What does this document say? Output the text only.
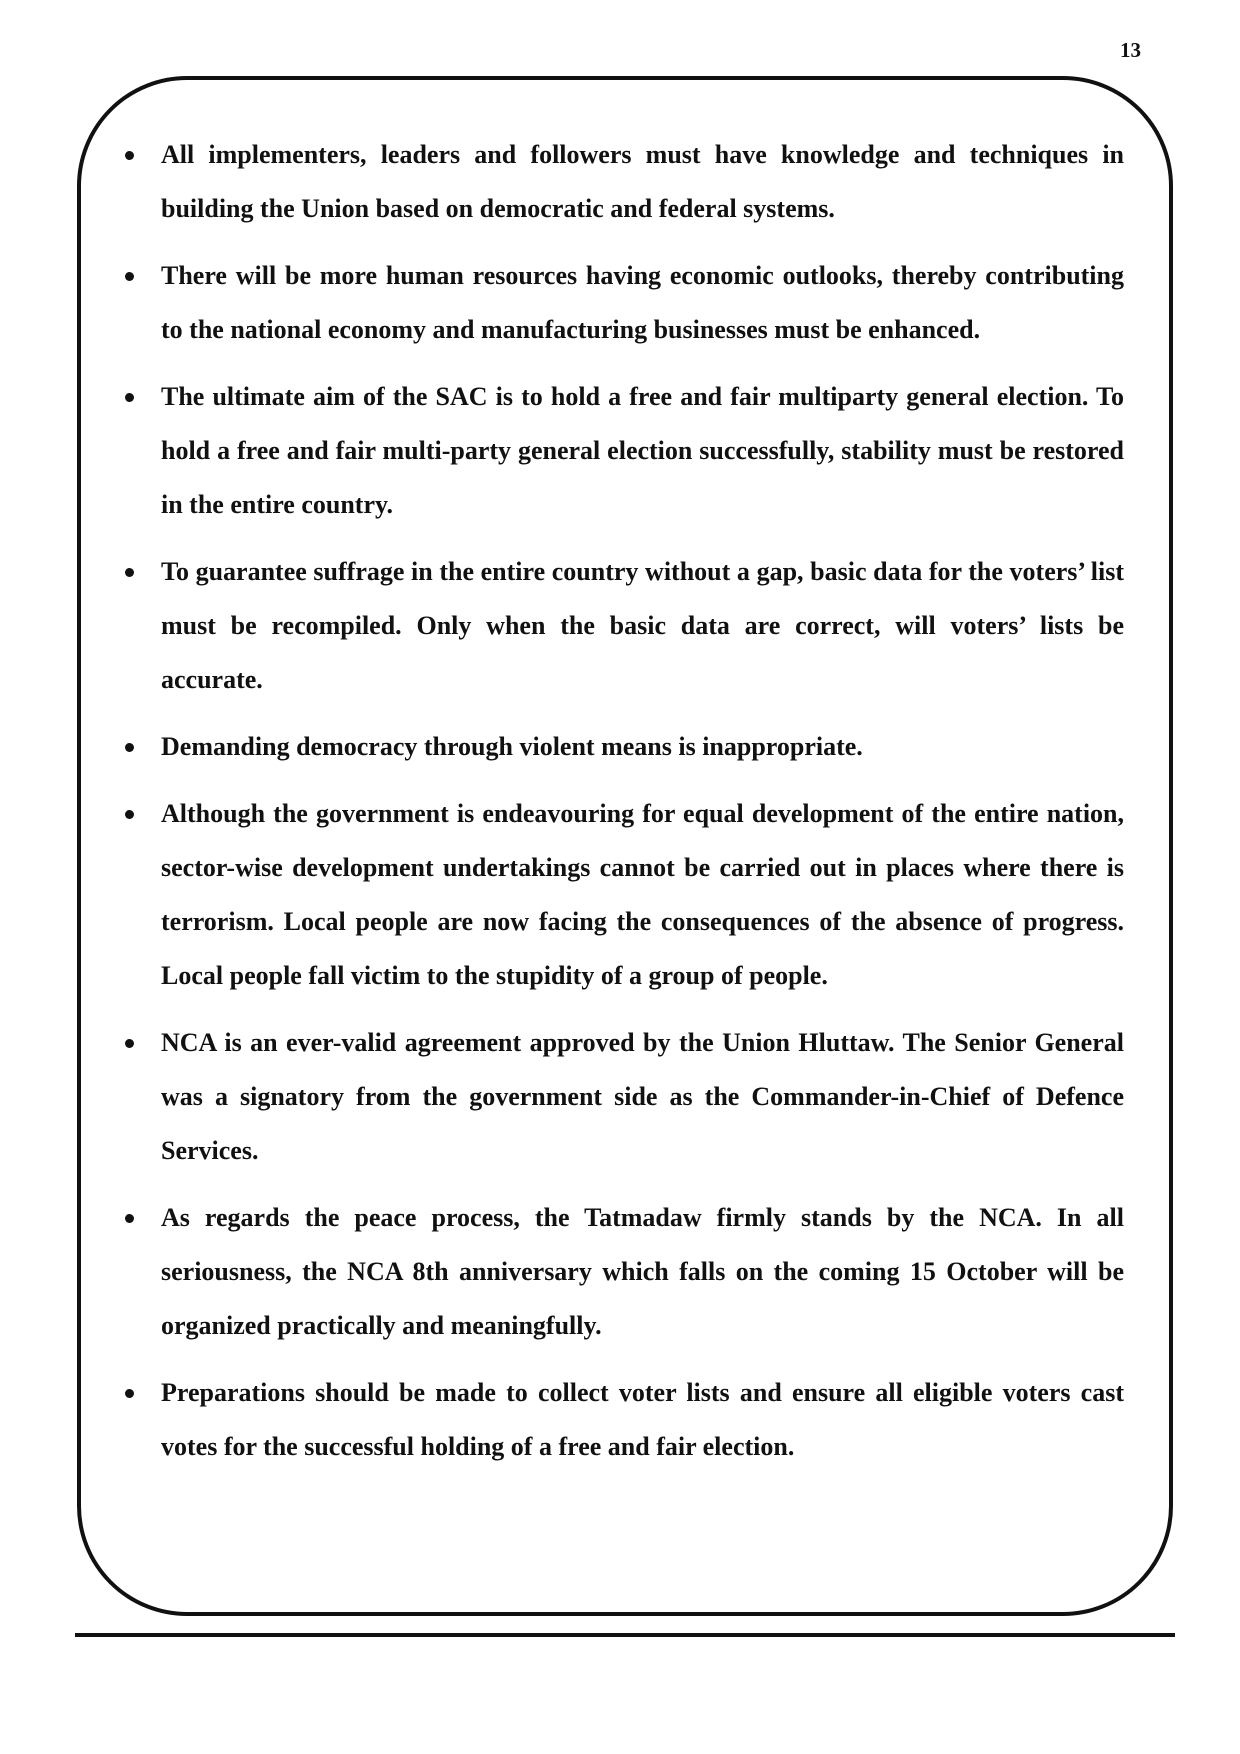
13
All implementers, leaders and followers must have knowledge and techniques in building the Union based on democratic and federal systems.
There will be more human resources having economic outlooks, thereby contributing to the national economy and manufacturing businesses must be enhanced.
The ultimate aim of the SAC is to hold a free and fair multiparty general election. To hold a free and fair multi-party general election successfully, stability must be restored in the entire country.
To guarantee suffrage in the entire country without a gap, basic data for the voters’ list must be recompiled. Only when the basic data are correct, will voters’ lists be accurate.
Demanding democracy through violent means is inappropriate.
Although the government is endeavouring for equal development of the entire nation, sector-wise development undertakings cannot be carried out in places where there is terrorism. Local people are now facing the consequences of the absence of progress. Local people fall victim to the stupidity of a group of people.
NCA is an ever-valid agreement approved by the Union Hluttaw. The Senior General was a signatory from the government side as the Commander-in-Chief of Defence Services.
As regards the peace process, the Tatmadaw firmly stands by the NCA. In all seriousness, the NCA 8th anniversary which falls on the coming 15 October will be organized practically and meaningfully.
Preparations should be made to collect voter lists and ensure all eligible voters cast votes for the successful holding of a free and fair election.
